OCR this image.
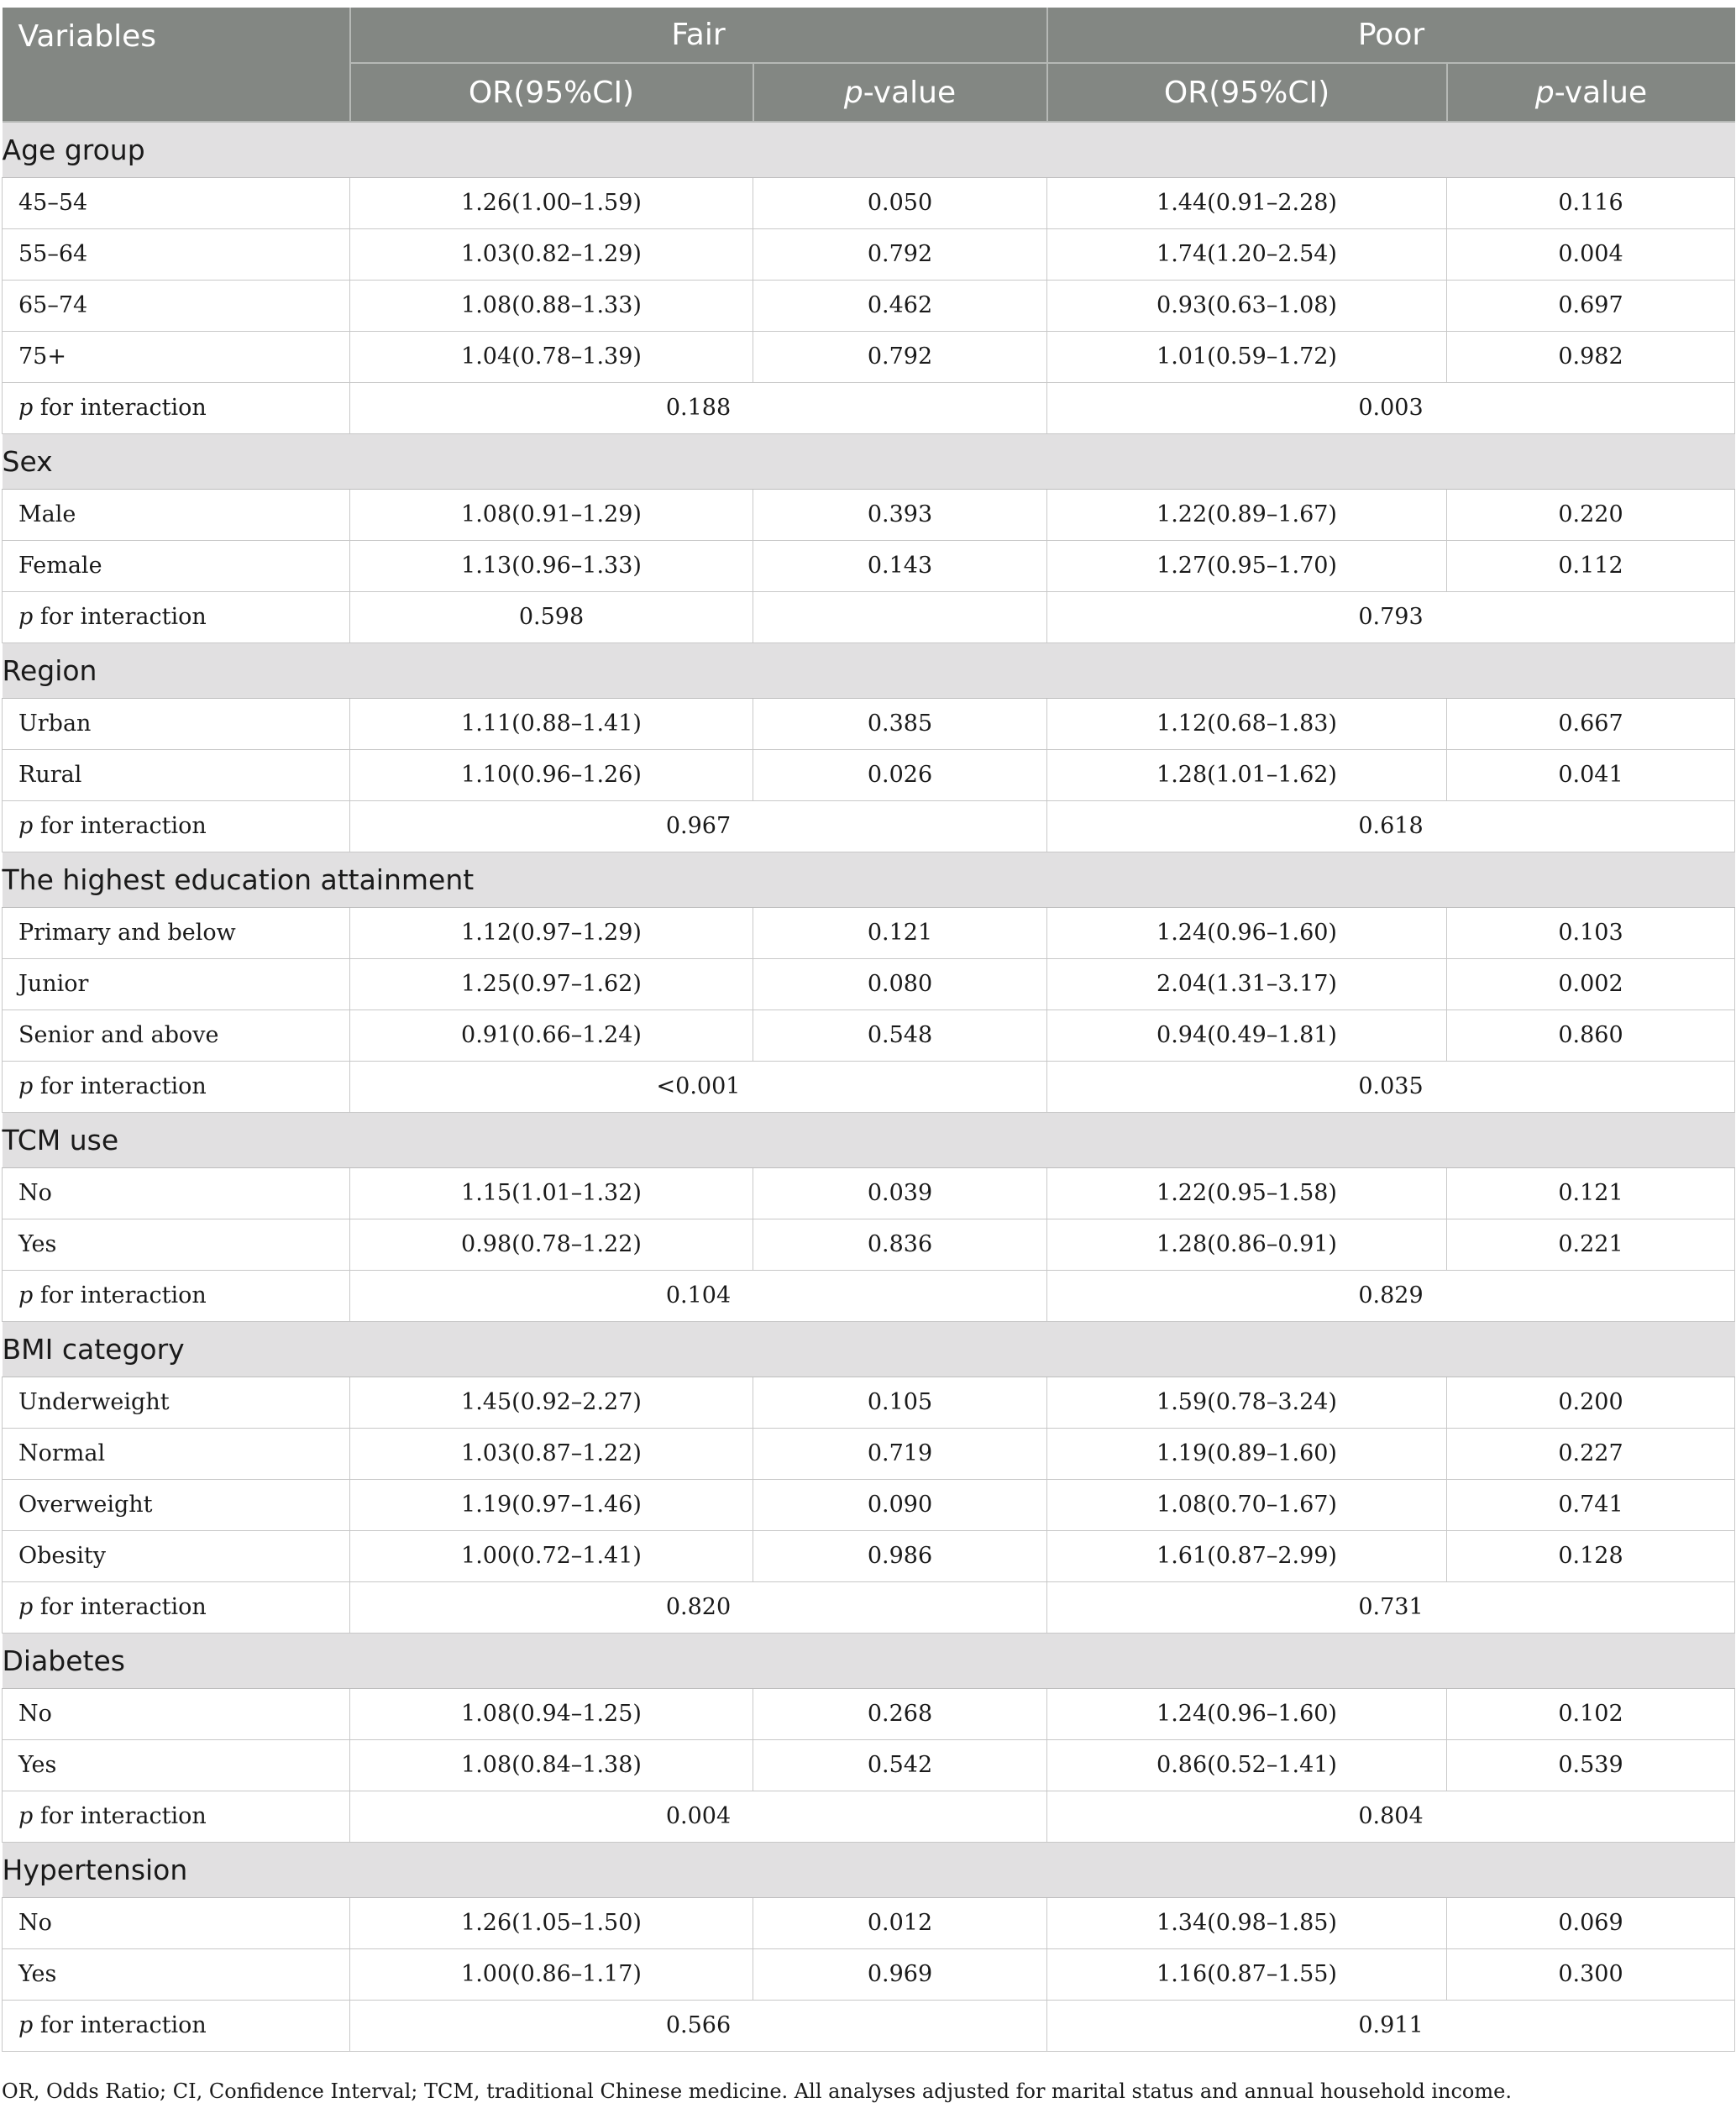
Variables	Fair		Poor	
	OR(95%CI)	p-value	OR(95%CI)	p-value
Age group				
45–54	1.26(1.00–1.59)	0.050	1.44(0.91–2.28)	0.116
55–64	1.03(0.82–1.29)	0.792	1.74(1.20–2.54)	0.004
65–74	1.08(0.88–1.33)	0.462	0.93(0.63–1.08)	0.697
75+	1.04(0.78–1.39)	0.792	1.01(0.59–1.72)	0.982
p for interaction	0.188		0.003	
Sex				
Male	1.08(0.91–1.29)	0.393	1.22(0.89–1.67)	0.220
Female	1.13(0.96–1.33)	0.143	1.27(0.95–1.70)	0.112
p for interaction	0.598		0.793	
Region				
Urban	1.11(0.88–1.41)	0.385	1.12(0.68–1.83)	0.667
Rural	1.10(0.96–1.26)	0.026	1.28(1.01–1.62)	0.041
p for interaction	0.967		0.618	
The highest education attainment				
Primary and below	1.12(0.97–1.29)	0.121	1.24(0.96–1.60)	0.103
Junior	1.25(0.97–1.62)	0.080	2.04(1.31–3.17)	0.002
Senior and above	0.91(0.66–1.24)	0.548	0.94(0.49–1.81)	0.860
p for interaction	<0.001		0.035	
TCM use				
No	1.15(1.01–1.32)	0.039	1.22(0.95–1.58)	0.121
Yes	0.98(0.78–1.22)	0.836	1.28(0.86–0.91)	0.221
p for interaction	0.104		0.829	
BMI category				
Underweight	1.45(0.92–2.27)	0.105	1.59(0.78–3.24)	0.200
Normal	1.03(0.87–1.22)	0.719	1.19(0.89–1.60)	0.227
Overweight	1.19(0.97–1.46)	0.090	1.08(0.70–1.67)	0.741
Obesity	1.00(0.72–1.41)	0.986	1.61(0.87–2.99)	0.128
p for interaction	0.820		0.731	
Diabetes				
No	1.08(0.94–1.25)	0.268	1.24(0.96–1.60)	0.102
Yes	1.08(0.84–1.38)	0.542	0.86(0.52–1.41)	0.539
p for interaction	0.004		0.804	
Hypertension				
No	1.26(1.05–1.50)	0.012	1.34(0.98–1.85)	0.069
Yes	1.00(0.86–1.17)	0.969	1.16(0.87–1.55)	0.300
p for interaction	0.566		0.911	
OR, Odds Ratio; CI, Confidence Interval; TCM, traditional Chinese medicine. All analyses adjusted for marital status and annual household income.
